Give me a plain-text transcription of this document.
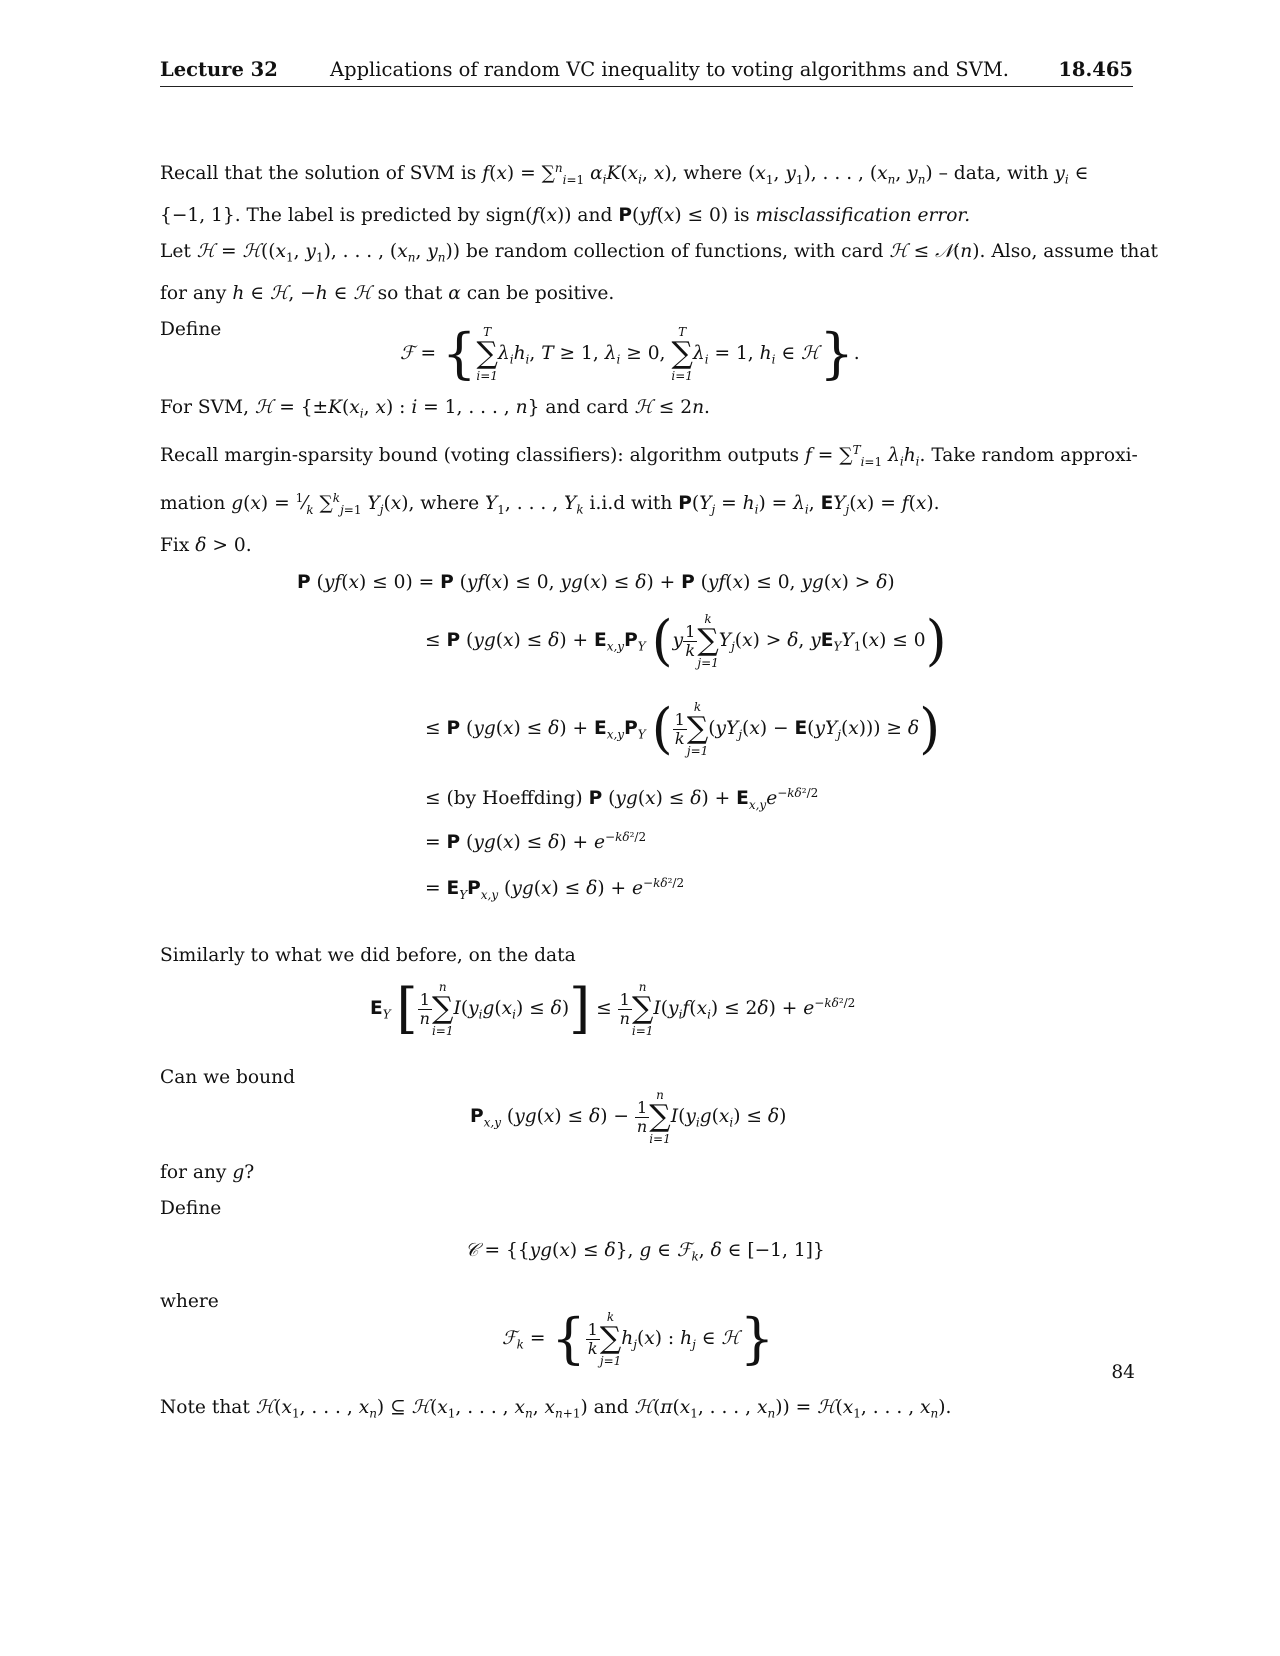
Lecture 32	Applications of random VC inequality to voting algorithms and SVM.	18.465
Recall that the solution of SVM is f(x) = ∑$^n_{i=1}$ $\alpha_iK(x_i$, x), where ($x_1$, $y_1$), . . . , ($x_n$, $y_n$) – data, with $y_i$ ∈
{−1, 1}. The label is predicted by sign(f(x)) and P(yf(x) ≤ 0) is misclassification error.
Let ℋ = $ℋ((x_1$, $y_1$), . . . , ($x_n$, $y_n$)) be random collection of functions, with card ℋ ≤ 𝒩(n). Also, assume that
for any h ∈ ℋ, −h ∈ ℋ so that α can be positive.
Define
ℱ = { T
∑
i=1
$\lambda_ih_i$, T ≥ 1, $\lambda_i \ge 0$,
T
∑
i=1
$\lambda_i = 1$, $h_i$ ∈ ℋ}.
For SVM, ℋ = {$\pm K(x_i$, x) : i = 1, . . . , n} and card ℋ ≤ 2n.
Recall margin-sparsity bound (voting classifiers): algorithm outputs f = ∑$^T_{i=1}$ $\lambda_ih_i$. Take random approxi-
mation $g(x) = ^1⁄_k$ ∑$^k_{j=1}$ $Y_j(x)$, where $Y_1$, . . . , $Y_k$ i.i.d with $P(Y_j = h_i) = \lambda_i$, $EY_j(x) = f(x)$.
Fix δ > 0.
P (yf(x) ≤ 0) = P (yf(x) ≤ 0, yg(x) ≤ δ) + P (yf(x) ≤ 0, yg(x) > δ)
≤ P $(yg(x) \le \delta) + E_{x,y}P_Y$ ($y \frac{1}{k}$
k
∑
j=1
$Y_j(x) > \delta$, $yE_YY_1(x) \le 0$)
≤ P $(yg(x) \le \delta) + E_{x,y}P_Y$ ( $\frac{1}{k}$
k
∑
j=1
$(yY_j(x) - E(yY_j(x))) \ge \delta$)
≤ (by Hoeffding) P $(yg(x) \le \delta) + E_{x,y}e^{-k\delta^2/2}$
= P $(yg(x) \le \delta) + e^{-k\delta^2/2}$
= $E_YP_{x,y}$ $(yg(x) \le \delta) + e^{-k\delta^2/2}$
Similarly to what we did before, on the data
$E_Y$ [ $\frac{1}{n}$
n
∑
i=1
$I(y_ig(x_i) \le \delta)] \le \frac{1}{n}$
n
∑
i=1
$I(y_if(x_i) \le 2\delta) + e^{-k\delta^2/2}$
Can we bound
$P_{x,y}$ $(yg(x) \le \delta) - \frac{1}{n}$
n
∑
i=1
$I(y_ig(x_i) \le \delta)$
for any g?
Define
𝒞 = {{yg(x) ≤ δ}, g ∈ ℱ$_k$, δ ∈ [−1, 1]}
where
ℱ$_k$ = { $\frac{1}{k}$
k
∑
j=1
$h_j(x)$ : $h_j$ ∈ ℋ}
Note that $ℋ(x_1$, . . . , $x_n$) ⊆ $ℋ(x_1$, . . . , $x_n$, $x_{n+1}$) and $ℋ(\pi(x_1$, . . . , $x_n$)) = $ℋ(x_1$, . . . , $x_n$).
84
